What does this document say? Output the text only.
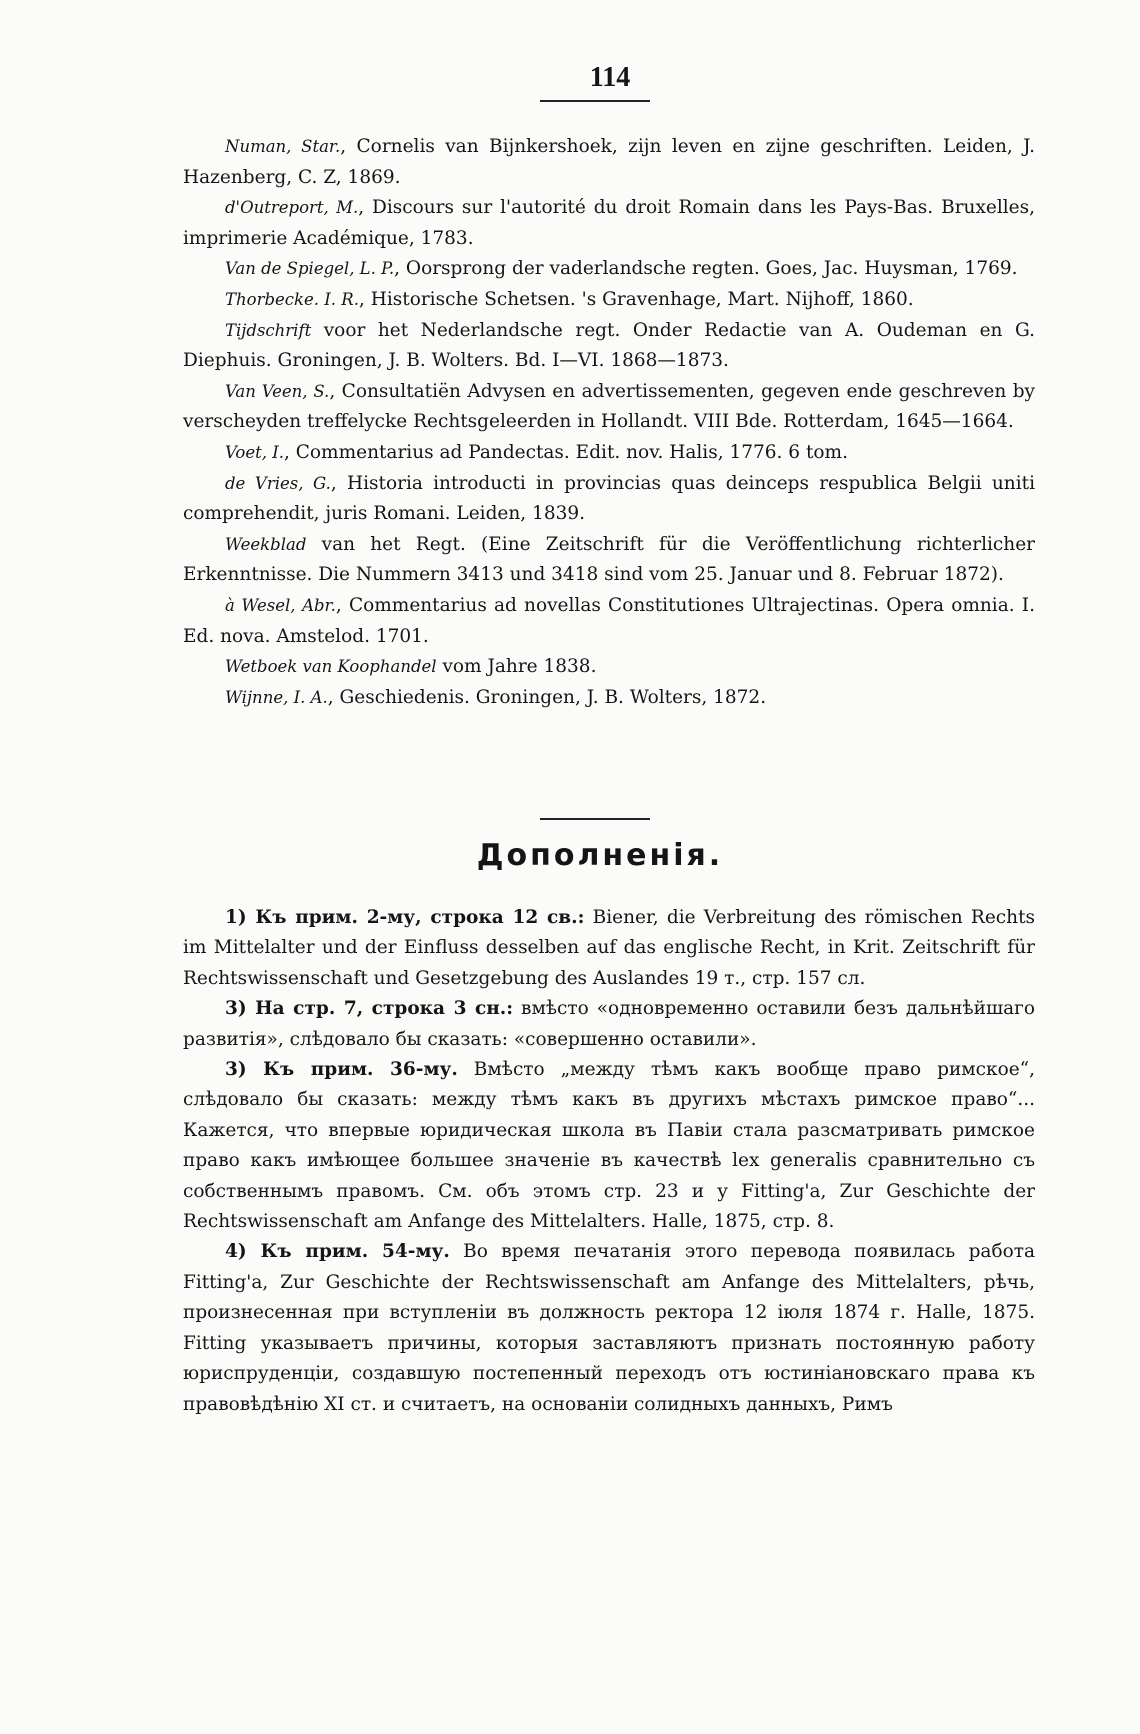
114

Numan, Star., Cornelis van Bijnkershoek, zijn leven en zijne geschriften. Leiden, J. Hazenberg, C. Z, 1869.

d'Outreport, M., Discours sur l'autorité du droit Romain dans les Pays-Bas. Bruxelles, imprimerie Académique, 1783.

Van de Spiegel, L. P., Oorsprong der vaderlandsche regten. Goes, Jac. Huysman, 1769.

Thorbecke. I. R., Historische Schetsen. 's Gravenhage, Mart. Nijhoff, 1860.

Tijdschrift voor het Nederlandsche regt. Onder Redactie van A. Oudeman en G. Diephuis. Groningen, J. B. Wolters. Bd. I—VI. 1868—1873.

Van Veen, S., Consultatiën Advysen en advertissementen, gegeven ende geschreven by verscheyden treffelycke Rechtsgeleerden in Hollandt. VIII Bde. Rotterdam, 1645—1664.

Voet, I., Commentarius ad Pandectas. Edit. nov. Halis, 1776. 6 tom.

de Vries, G., Historia introducti in provincias quas deinceps respublica Belgii uniti comprehendit, juris Romani. Leiden, 1839.

Weekblad van het Regt. (Eine Zeitschrift für die Veröffentlichung richterlicher Erkenntnisse. Die Nummern 3413 und 3418 sind vom 25. Januar und 8. Februar 1872).

à Wesel, Abr., Commentarius ad novellas Constitutiones Ultrajectinas. Opera omnia. I. Ed. nova. Amstelod. 1701.

Wetboek van Koophandel vom Jahre 1838.

Wijnne, I. A., Geschiedenis. Groningen, J. B. Wolters, 1872.

Дополненія.

1) Къ прим. 2-му, строка 12 св.: Biener, die Verbreitung des römischen Rechts im Mittelalter und der Einfluss desselben auf das englische Recht, in Krit. Zeitschrift für Rechtswissenschaft und Gesetzgebung des Auslandes 19 т., стр. 157 сл.

3) На стр. 7, строка 3 сн.: вмѣсто «одновременно оставили безъ дальнѣйшаго развитія», слѣдовало бы сказать: «совершенно оставили».

3) Къ прим. 36-му. Вмѣсто „между тѣмъ какъ вообще право римское“, слѣдовало бы сказать: между тѣмъ какъ въ другихъ мѣстахъ римское право“... Кажется, что впервые юридическая школа въ Павіи стала разсматривать римское право какъ имѣющее большее значеніе въ качествѣ lex generalis сравнительно съ собственнымъ правомъ. См. объ этомъ стр. 23 и у Fitting'a, Zur Geschichte der Rechtswissenschaft am Anfange des Mittelalters. Halle, 1875, стр. 8.

4) Къ прим. 54-му. Во время печатанія этого перевода появилась работа Fitting'a, Zur Geschichte der Rechtswissenschaft am Anfange des Mittelalters, рѣчь, произнесенная при вступленіи въ должность ректора 12 іюля 1874 г. Halle, 1875. Fitting указываетъ причины, которыя заставляютъ признать постоянную работу юриспруденціи, создавшую постепенный переходъ отъ юстиніановскаго права къ правовѣдѣнію XI ст. и считаетъ, на основаніи солидныхъ данныхъ, Римъ
